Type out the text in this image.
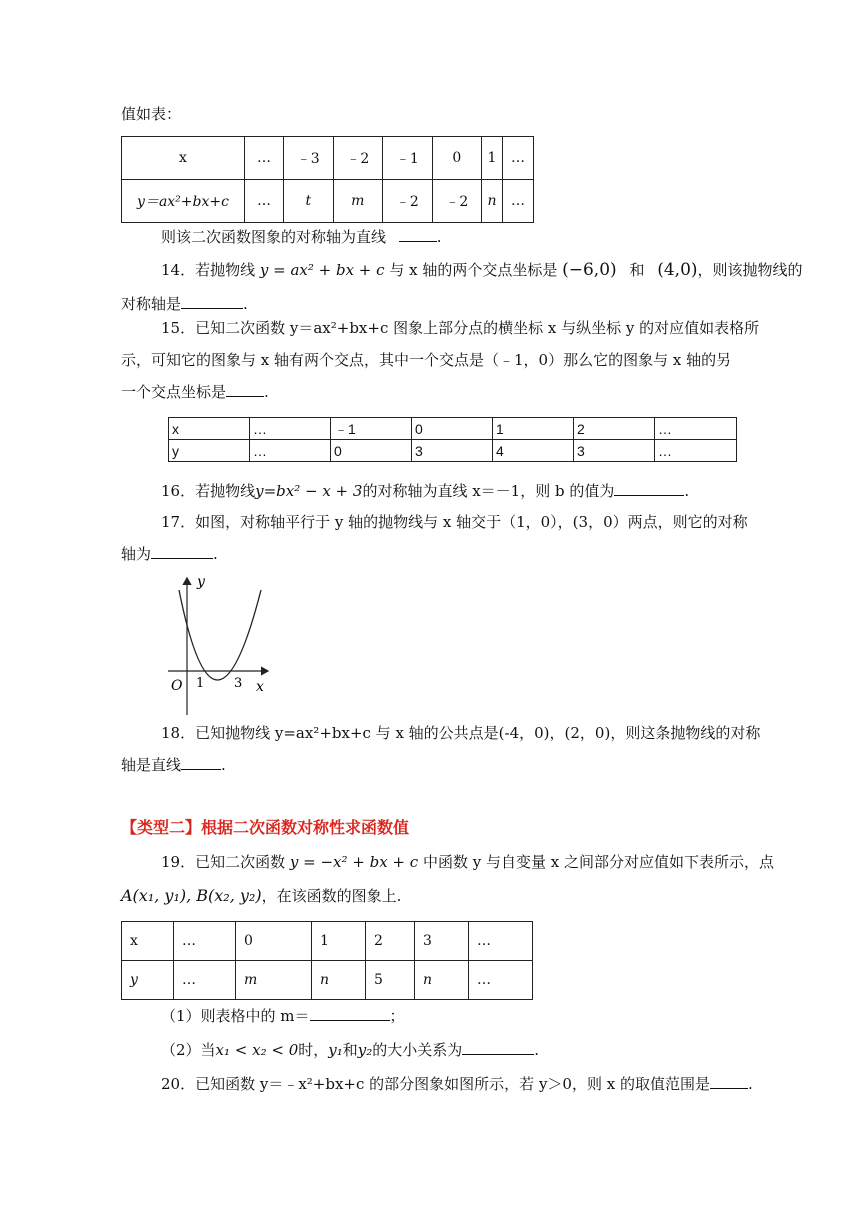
值如表：
x	…	﹣3	﹣2	﹣1	0	1	…
y＝ax²+bx+c	…	t	m	﹣2	﹣2	n	…
则该二次函数图象的对称轴为直线	.
14．若抛物线 y = ax² + bx + c 与 x 轴的两个交点坐标是 (−6,0) 和 (4,0)，则该抛物线的
对称轴是	.
15．已知二次函数 y＝ax²+bx+c 图象上部分点的横坐标 x 与纵坐标 y 的对应值如表格所
示，可知它的图象与 x 轴有两个交点，其中一个交点是（﹣1，0）那么它的图象与 x 轴的另
一个交点坐标是	.
x	…	﹣1	0	1	2	…
y	…	0	3	4	3	…
16．若抛物线y=bx² − x + 3的对称轴为直线 x＝－1，则 b 的值为	.
17．如图，对称轴平行于 y 轴的抛物线与 x 轴交于（1，0），(3，0）两点，则它的对称
轴为	.
y
x
O 1 3
18．已知抛物线 y=ax²+bx+c 与 x 轴的公共点是(-4，0)，(2，0)，则这条抛物线的对称
轴是直线	.
【类型二】根据二次函数对称性求函数值
19．已知二次函数 y = −x² + bx + c 中函数 y 与自变量 x 之间部分对应值如下表所示，点
A(x₁, y₁), B(x₂, y₂)，在该函数的图象上.
x	…	0	1	2	3	…
y	…	m	n	5	n	…
（1）则表格中的 m＝	；
（2）当x₁ < x₂ < 0时，y₁和y₂的大小关系为	.
20．已知函数 y＝﹣x²+bx+c 的部分图象如图所示，若 y＞0，则 x 的取值范围是	.
